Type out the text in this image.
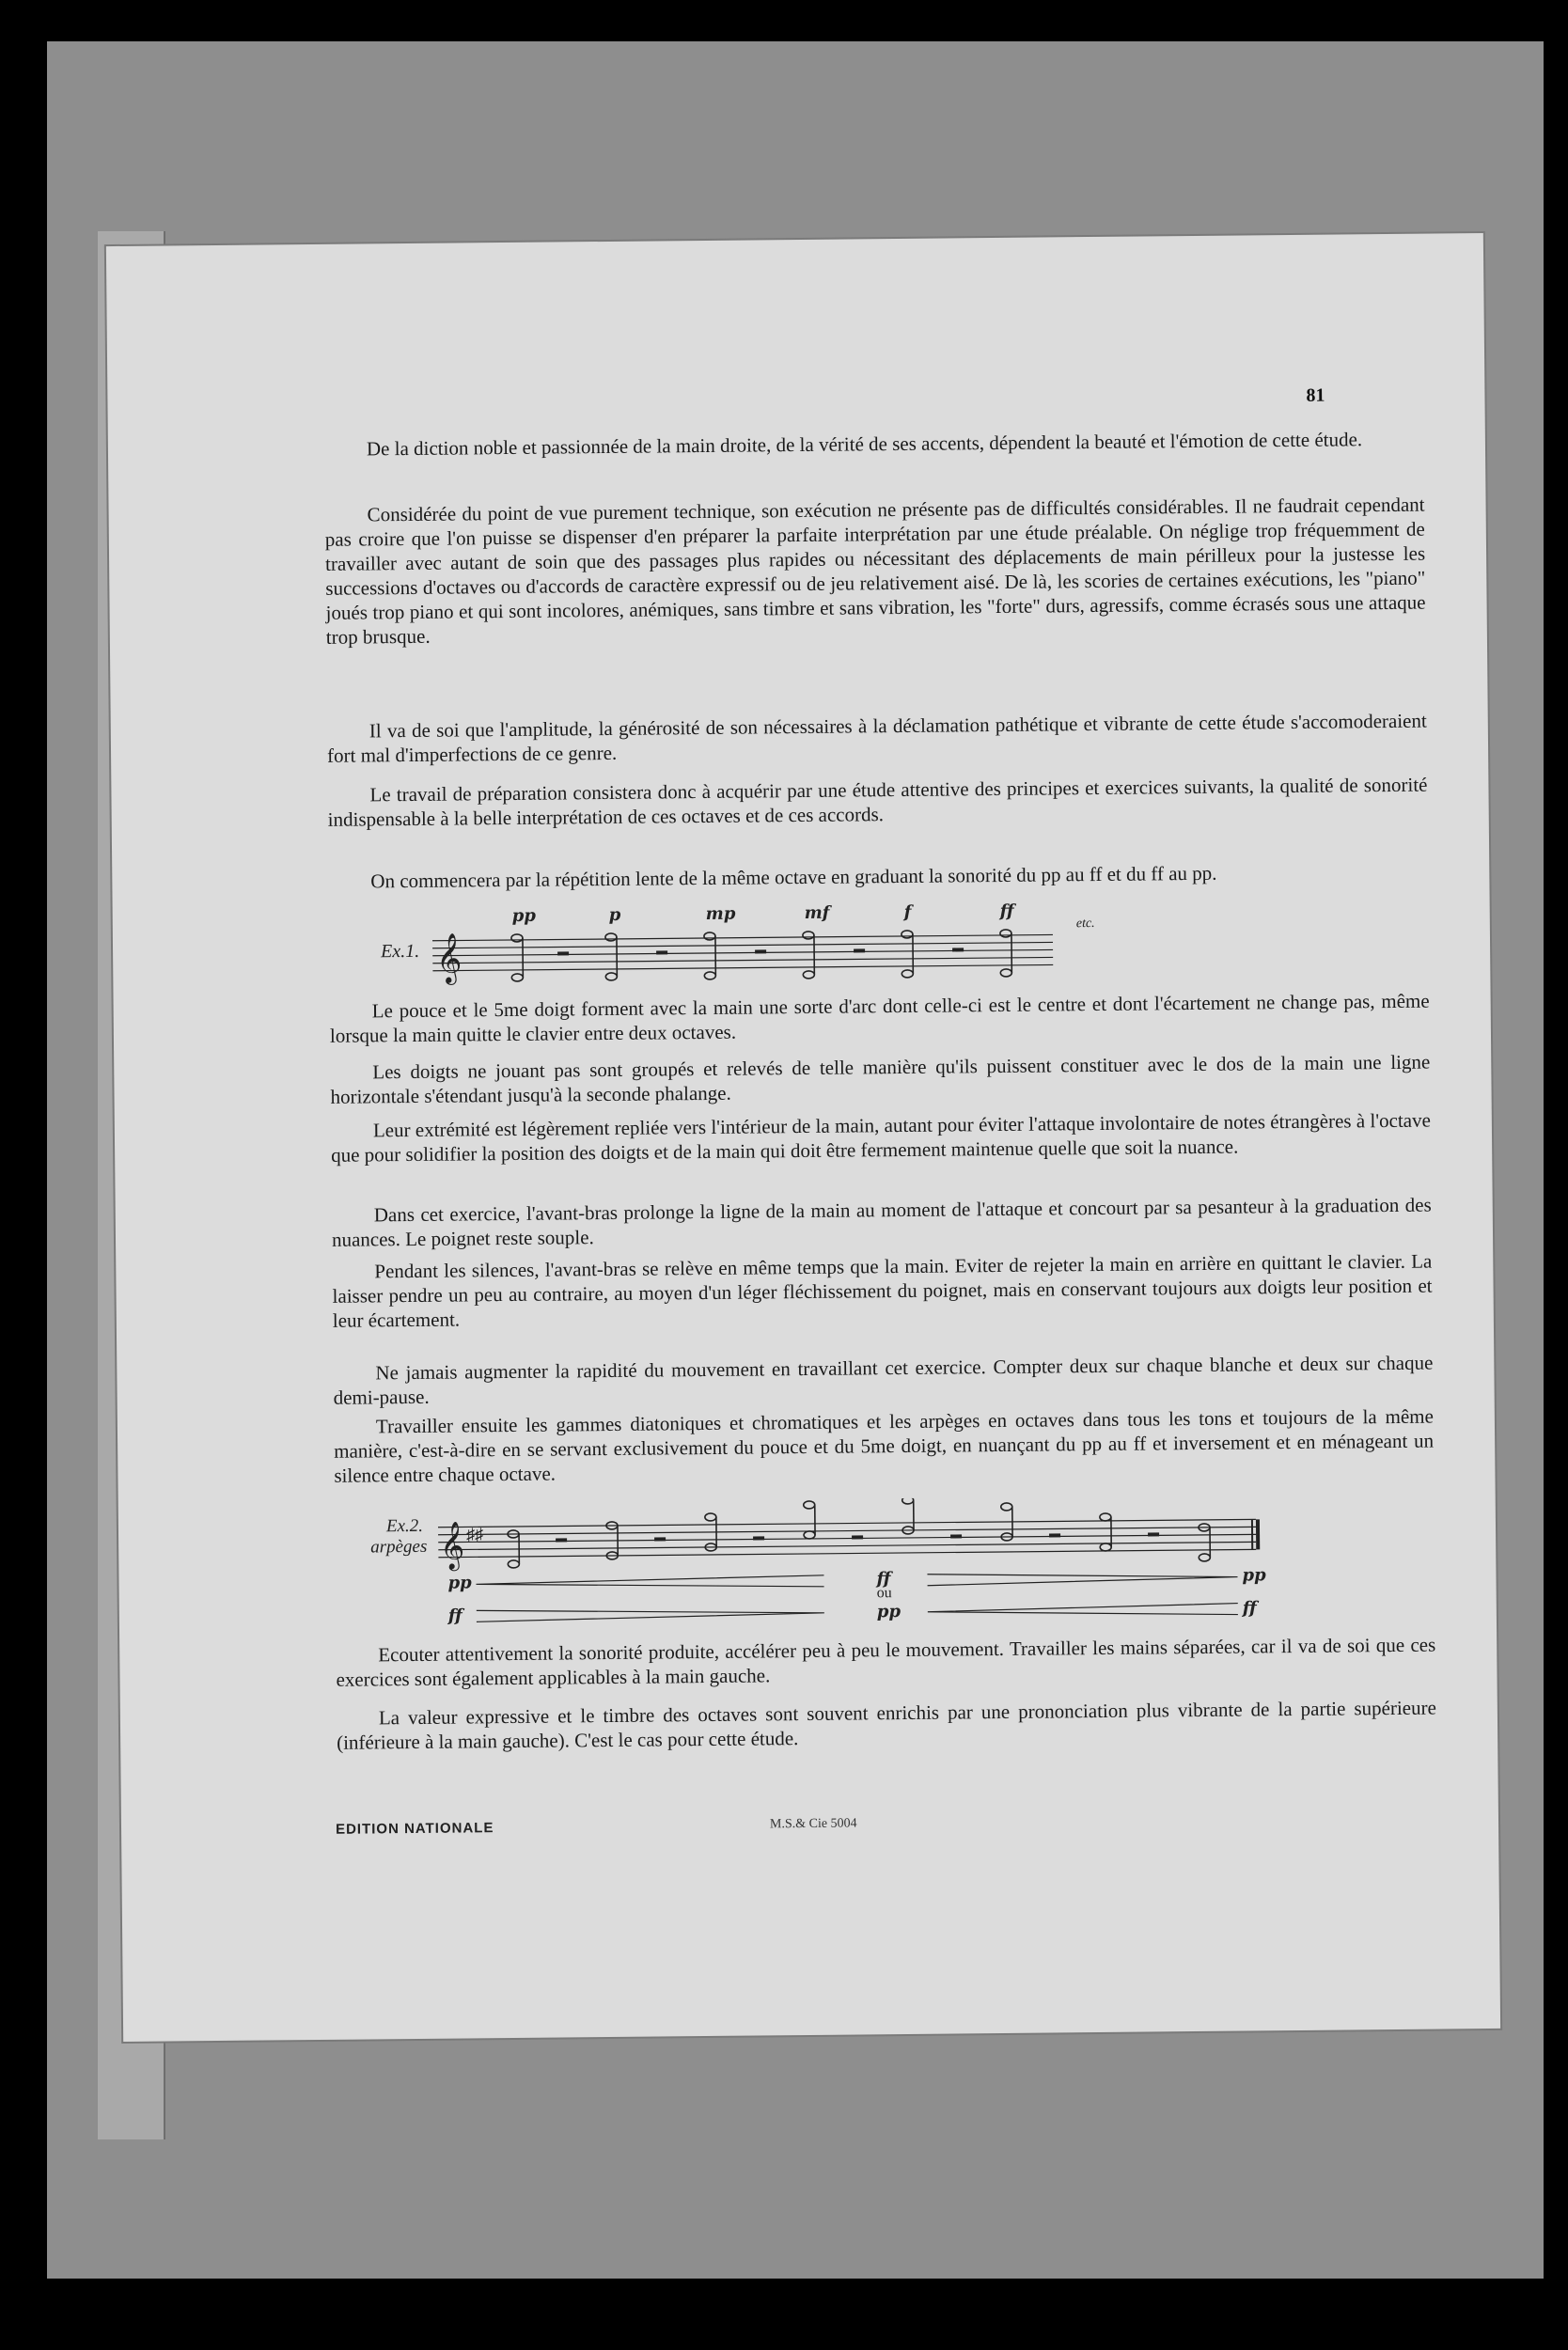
81
De la diction noble et passionnée de la main droite, de la vérité de ses accents, dépendent la beauté et l'émotion de cette étude.
Considérée du point de vue purement technique, son exécution ne présente pas de difficultés considérables. Il ne faudrait cependant pas croire que l'on puisse se dispenser d'en préparer la parfaite interprétation par une étude préalable. On néglige trop fréquemment de travailler avec autant de soin que des passages plus rapides ou nécessitant des déplacements de main périlleux pour la justesse les successions d'octaves ou d'accords de caractère expressif ou de jeu relativement aisé. De là, les scories de certaines exécutions, les "piano" joués trop piano et qui sont incolores, anémiques, sans timbre et sans vibration, les "forte" durs, agressifs, comme écrasés sous une attaque trop brusque.
Il va de soi que l'amplitude, la générosité de son nécessaires à la déclamation pathétique et vibrante de cette étude s'accomoderaient fort mal d'imperfections de ce genre.
Le travail de préparation consistera donc à acquérir par une étude attentive des principes et exercices suivants, la qualité de sonorité indispensable à la belle interprétation de ces octaves et de ces accords.
On commencera par la répétition lente de la même octave en graduant la sonorité du pp au ff et du ff au pp.
Ex.1. 𝄞
pp	p	mp	mf	f	ff
etc.
Le pouce et le 5me doigt forment avec la main une sorte d'arc dont celle-ci est le centre et dont l'écartement ne change pas, même lorsque la main quitte le clavier entre deux octaves.
Les doigts ne jouant pas sont groupés et relevés de telle manière qu'ils puissent constituer avec le dos de la main une ligne horizontale s'étendant jusqu'à la seconde phalange.
Leur extrémité est légèrement repliée vers l'intérieur de la main, autant pour éviter l'attaque involontaire de notes étrangères à l'octave que pour solidifier la position des doigts et de la main qui doit être fermement maintenue quelle que soit la nuance.
Dans cet exercice, l'avant-bras prolonge la ligne de la main au moment de l'attaque et concourt par sa pesanteur à la graduation des nuances. Le poignet reste souple.
Pendant les silences, l'avant-bras se relève en même temps que la main. Eviter de rejeter la main en arrière en quittant le clavier. La laisser pendre un peu au contraire, au moyen d'un léger fléchissement du poignet, mais en conservant toujours aux doigts leur position et leur écartement.
Ne jamais augmenter la rapidité du mouvement en travaillant cet exercice. Compter deux sur chaque blanche et deux sur chaque demi-pause.
Travailler ensuite les gammes diatoniques et chromatiques et les arpèges en octaves dans tous les tons et toujours de la même manière, c'est-à-dire en se servant exclusivement du pouce et du 5me doigt, en nuançant du pp au ff et inversement et en ménageant un silence entre chaque octave.
Ex.2.
arpèges 𝄞 ♯♯
pp	ff	pp
ou
ff	pp	ff
Ecouter attentivement la sonorité produite, accélérer peu à peu le mouvement. Travailler les mains séparées, car il va de soi que ces exercices sont également applicables à la main gauche.
La valeur expressive et le timbre des octaves sont souvent enrichis par une prononciation plus vibrante de la partie supérieure (inférieure à la main gauche). C'est le cas pour cette étude.
EDITION NATIONALE	M.S.& Cie 5004
